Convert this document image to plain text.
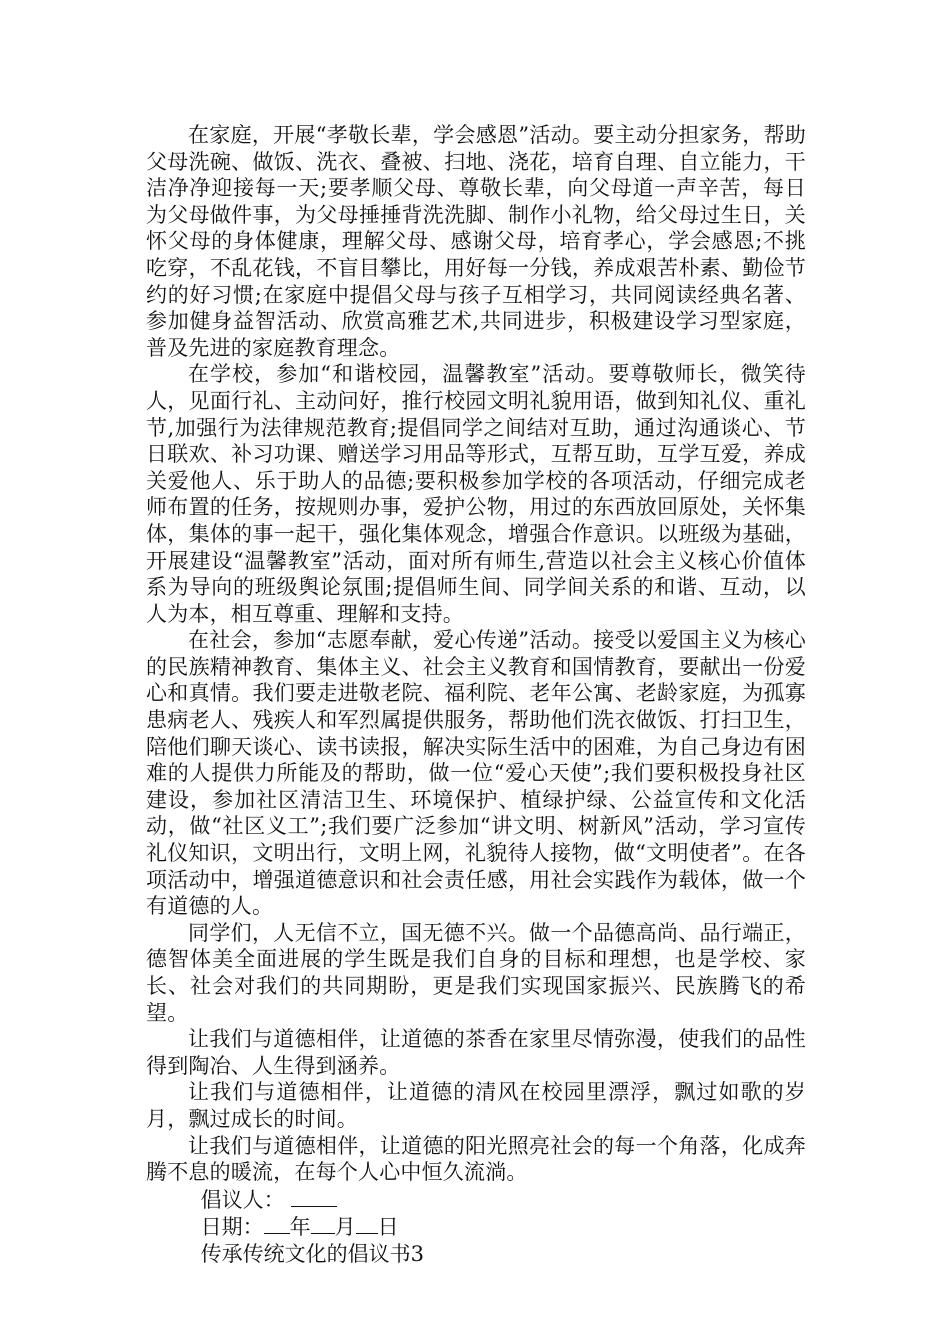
在家庭，开展“孝敬长辈，学会感恩”活动。要主动分担家务，帮助父母洗碗、做饭、洗衣、叠被、扫地、浇花，培育自理、自立能力，干洁净净迎接每一天;要孝顺父母、尊敬长辈，向父母道一声辛苦，每日为父母做件事，为父母捶捶背洗洗脚、制作小礼物，给父母过生日，关怀父母的身体健康，理解父母、感谢父母，培育孝心，学会感恩;不挑吃穿，不乱花钱，不盲目攀比，用好每一分钱，养成艰苦朴素、勤俭节约的好习惯;在家庭中提倡父母与孩子互相学习，共同阅读经典名著、参加健身益智活动、欣赏高雅艺术,共同进步，积极建设学习型家庭，普及先进的家庭教育理念。

在学校，参加“和谐校园，温馨教室”活动。要尊敬师长，微笑待人，见面行礼、主动问好，推行校园文明礼貌用语，做到知礼仪、重礼节,加强行为法律规范教育;提倡同学之间结对互助，通过沟通谈心、节日联欢、补习功课、赠送学习用品等形式，互帮互助，互学互爱，养成关爱他人、乐于助人的品德;要积极参加学校的各项活动，仔细完成老师布置的任务，按规则办事，爱护公物，用过的东西放回原处，关怀集体，集体的事一起干，强化集体观念，增强合作意识。以班级为基础，开展建设“温馨教室”活动，面对所有师生,营造以社会主义核心价值体系为导向的班级舆论氛围;提倡师生间、同学间关系的和谐、互动，以人为本，相互尊重、理解和支持。

在社会，参加“志愿奉献，爱心传递”活动。接受以爱国主义为核心的民族精神教育、集体主义、社会主义教育和国情教育，要献出一份爱心和真情。我们要走进敬老院、福利院、老年公寓、老龄家庭，为孤寡患病老人、残疾人和军烈属提供服务，帮助他们洗衣做饭、打扫卫生，陪他们聊天谈心、读书读报，解决实际生活中的困难，为自己身边有困难的人提供力所能及的帮助，做一位“爱心天使”;我们要积极投身社区建设，参加社区清洁卫生、环境保护、植绿护绿、公益宣传和文化活动，做“社区义工”;我们要广泛参加“讲文明、树新风”活动，学习宣传礼仪知识，文明出行，文明上网，礼貌待人接物，做“文明使者”。在各项活动中，增强道德意识和社会责任感，用社会实践作为载体，做一个有道德的人。

同学们，人无信不立，国无德不兴。做一个品德高尚、品行端正，德智体美全面进展的学生既是我们自身的目标和理想，也是学校、家长、社会对我们的共同期盼，更是我们实现国家振兴、民族腾飞的希望。

让我们与道德相伴，让道德的茶香在家里尽情弥漫，使我们的品性得到陶冶、人生得到涵养。

让我们与道德相伴，让道德的清风在校园里漂浮，飘过如歌的岁月，飘过成长的时间。

让我们与道德相伴，让道德的阳光照亮社会的每一个角落，化成奔腾不息的暖流，在每个人心中恒久流淌。

倡议人：

日期： 年 月 日

传承传统文化的倡议书3
